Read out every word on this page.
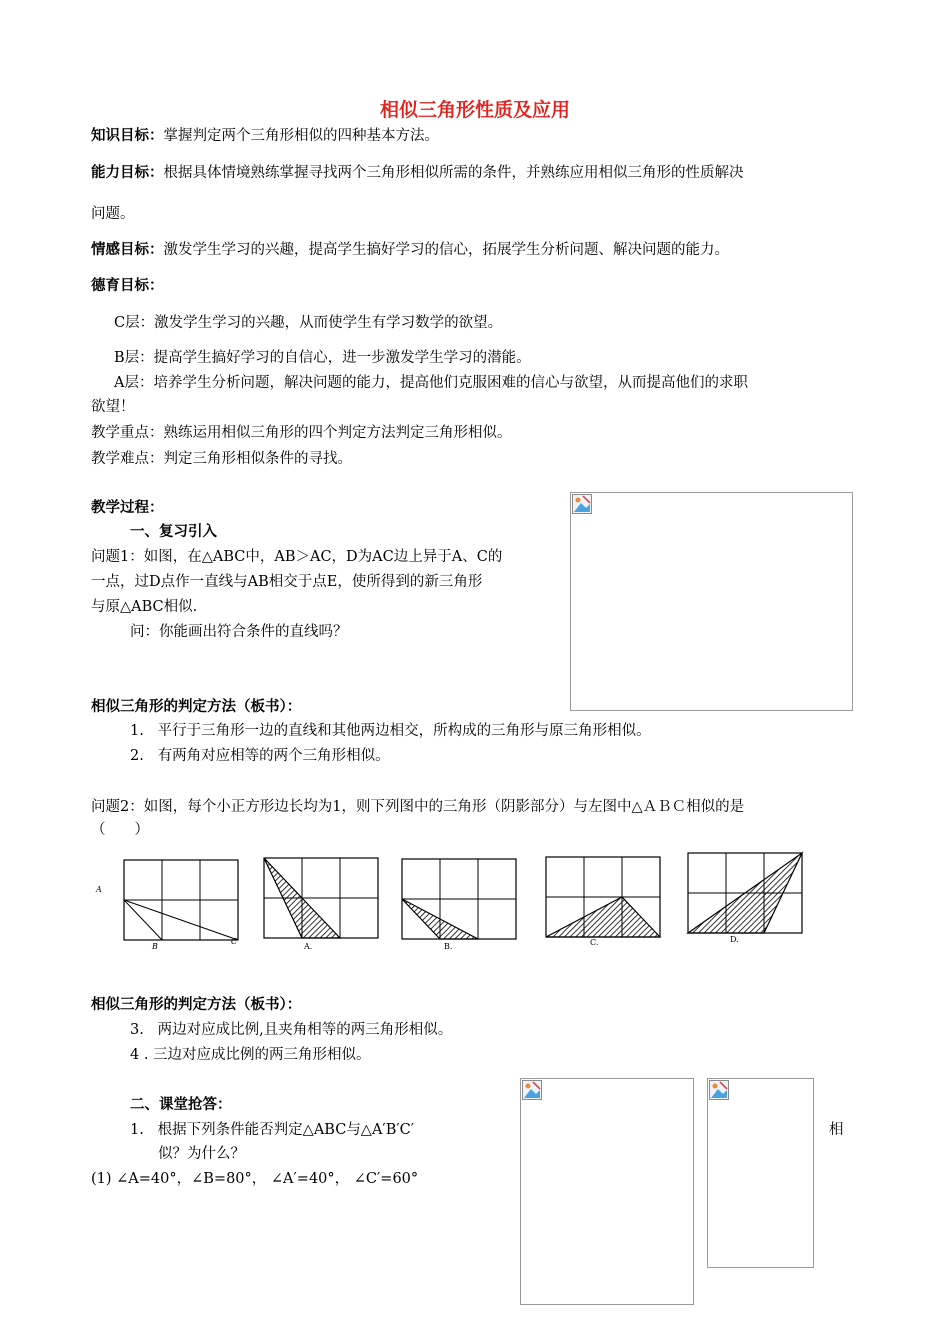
相似三角形性质及应用
知识目标：掌握判定两个三角形相似的四种基本方法。
能力目标：根据具体情境熟练掌握寻找两个三角形相似所需的条件，并熟练应用相似三角形的性质解决
问题。
情感目标：激发学生学习的兴趣，提高学生搞好学习的信心，拓展学生分析问题、解决问题的能力。
德育目标：
C层：激发学生学习的兴趣，从而使学生有学习数学的欲望。
B层：提高学生搞好学习的自信心，进一步激发学生学习的潜能。
A层：培养学生分析问题，解决问题的能力，提高他们克服困难的信心与欲望，从而提高他们的求职
欲望！
教学重点：熟练运用相似三角形的四个判定方法判定三角形相似。
教学难点：判定三角形相似条件的寻找。
教学过程：
一、复习引入
问题1：如图，在△ABC中，AB＞AC，D为AC边上异于A、C的
一点，过D点作一直线与AB相交于点E，使所得到的新三角形
与原△ABC相似.
问：你能画出符合条件的直线吗？
相似三角形的判定方法（板书）：
1. 平行于三角形一边的直线和其他两边相交，所构成的三角形与原三角形相似。
2. 有两角对应相等的两个三角形相似。
问题2：如图，每个小正方形边长均为1，则下列图中的三角形（阴影部分）与左图中△ＡＢＣ相似的是
（　　）
A
B
C
A.	B.	C.	D.
相似三角形的判定方法（板书）：
3. 两边对应成比例,且夹角相等的两三角形相似。
4 . 三边对应成比例的两三角形相似。
二、课堂抢答：
1. 根据下列条件能否判定△ABC与△A′B′C′	相
似？为什么？
(1) ∠A=40°，∠B=80°， ∠A′=40°， ∠C′=60°
